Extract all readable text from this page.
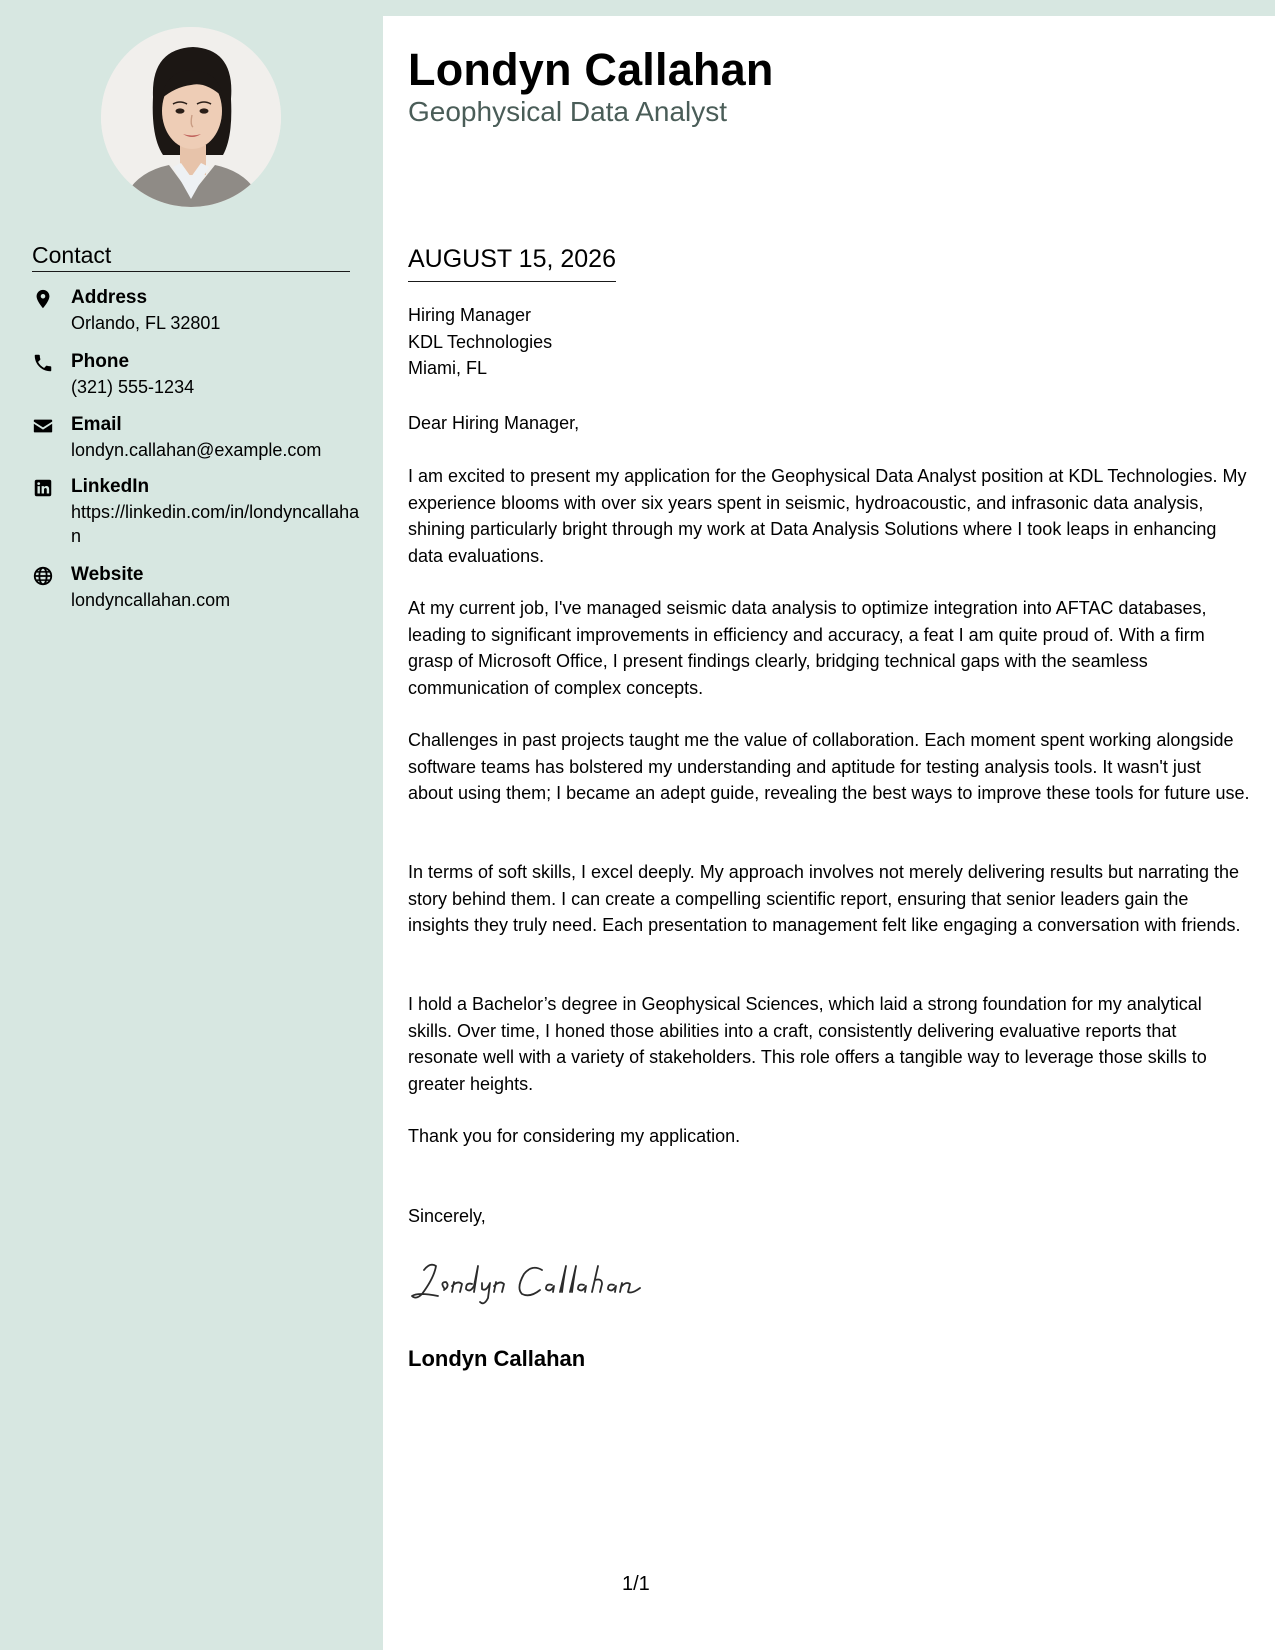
Contact
Address
Orlando, FL 32801
Phone
(321) 555-1234
Email
londyn.callahan@example.com
LinkedIn
https://linkedin.com/in/londyncallahan
Website
londyncallahan.com
Londyn Callahan
Geophysical Data Analyst
AUGUST 15, 2026
Hiring Manager
KDL Technologies
Miami, FL

Dear Hiring Manager,

I am excited to present my application for the Geophysical Data Analyst position at KDL Technologies. My experience blooms with over six years spent in seismic, hydroacoustic, and infrasonic data analysis, shining particularly bright through my work at Data Analysis Solutions where I took leaps in enhancing data evaluations.

At my current job, I've managed seismic data analysis to optimize integration into AFTAC databases, leading to significant improvements in efficiency and accuracy, a feat I am quite proud of. With a firm grasp of Microsoft Office, I present findings clearly, bridging technical gaps with the seamless communication of complex concepts.

Challenges in past projects taught me the value of collaboration. Each moment spent working alongside software teams has bolstered my understanding and aptitude for testing analysis tools. It wasn't just about using them; I became an adept guide, revealing the best ways to improve these tools for future use.

In terms of soft skills, I excel deeply. My approach involves not merely delivering results but narrating the story behind them. I can create a compelling scientific report, ensuring that senior leaders gain the insights they truly need. Each presentation to management felt like engaging a conversation with friends.

I hold a Bachelor’s degree in Geophysical Sciences, which laid a strong foundation for my analytical skills. Over time, I honed those abilities into a craft, consistently delivering evaluative reports that resonate well with a variety of stakeholders. This role offers a tangible way to leverage those skills to greater heights.

Thank you for considering my application.

Sincerely,

Londyn Callahan
1/1
